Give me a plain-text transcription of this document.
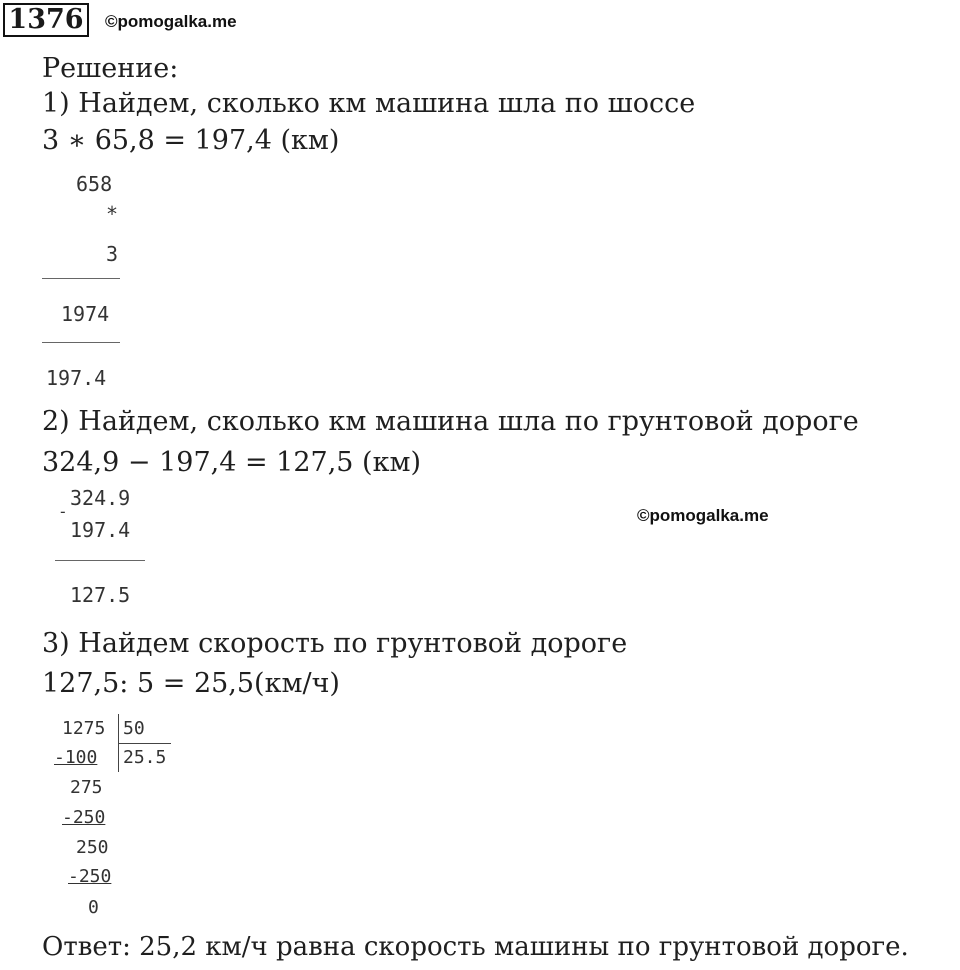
1376	©pomogalka.me
Решение:
1) Найдем, сколько км машина шла по шоссе
3 ∗ 65,8 = 197,4 (км)
658
*
3
1974
197.4
2) Найдем, сколько км машина шла по грунтовой дороге
324,9 − 197,4 = 127,5 (км)
324.9
-
197.4
127.5
©pomogalka.me
3) Найдем скорость по грунтовой дороге
127,5: 5 = 25,5(км/ч)
1275 50
25.5
-100
275
-250
250
-250
0
Ответ: 25,2 км/ч равна скорость машины по грунтовой дороге.
